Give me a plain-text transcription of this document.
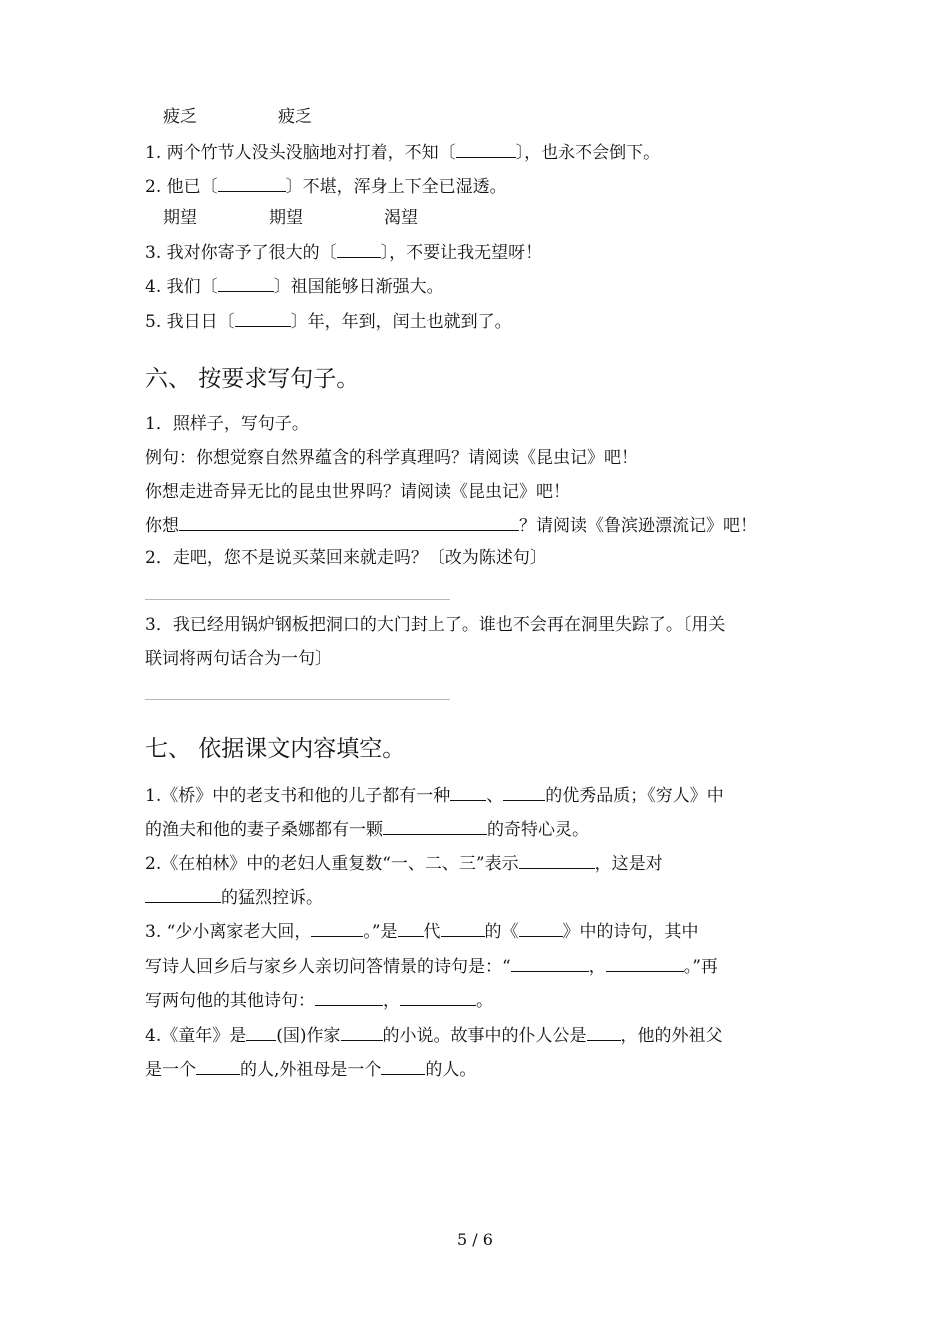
疲乏	疲乏
1. 两个竹节人没头没脑地对打着，不知〔	〕，也永不会倒下。
2. 他已〔	〕不堪，浑身上下全已湿透。
期望	期望	渴望
3. 我对你寄予了很大的〔	〕，不要让我无望呀！
4. 我们〔	〕祖国能够日渐强大。
5. 我日日〔	〕年，年到，闰土也就到了。
六、 按要求写句子。
1．照样子，写句子。
例句：你想觉察自然界蕴含的科学真理吗？请阅读《昆虫记》吧！
你想走进奇异无比的昆虫世界吗？请阅读《昆虫记》吧！
你想	？请阅读《鲁滨逊漂流记》吧！
2．走吧，您不是说买菜回来就走吗？〔改为陈述句〕
3．我已经用锅炉钢板把洞口的大门封上了。谁也不会再在洞里失踪了。〔用关
联词将两句话合为一句〕
七、 依据课文内容填空。
1.《桥》中的老支书和他的儿子都有一种 、 的优秀品质；《穷人》中
的渔夫和他的妻子桑娜都有一颗	的奇特心灵。
2.《在柏林》中的老妇人重复数“一、二、三”表示	，这是对
的猛烈控诉。
3. “少小离家老大回，	。”是 代	的《	》中的诗句，其中
写诗人回乡后与家乡人亲切问答情景的诗句是：“	，	。”再
写两句他的其他诗句：	，	。
4.《童年》是 (国)作家 的小说。故事中的仆人公是 ，他的外祖父
是一个	的人,外祖母是一个	的人。
5 / 6
